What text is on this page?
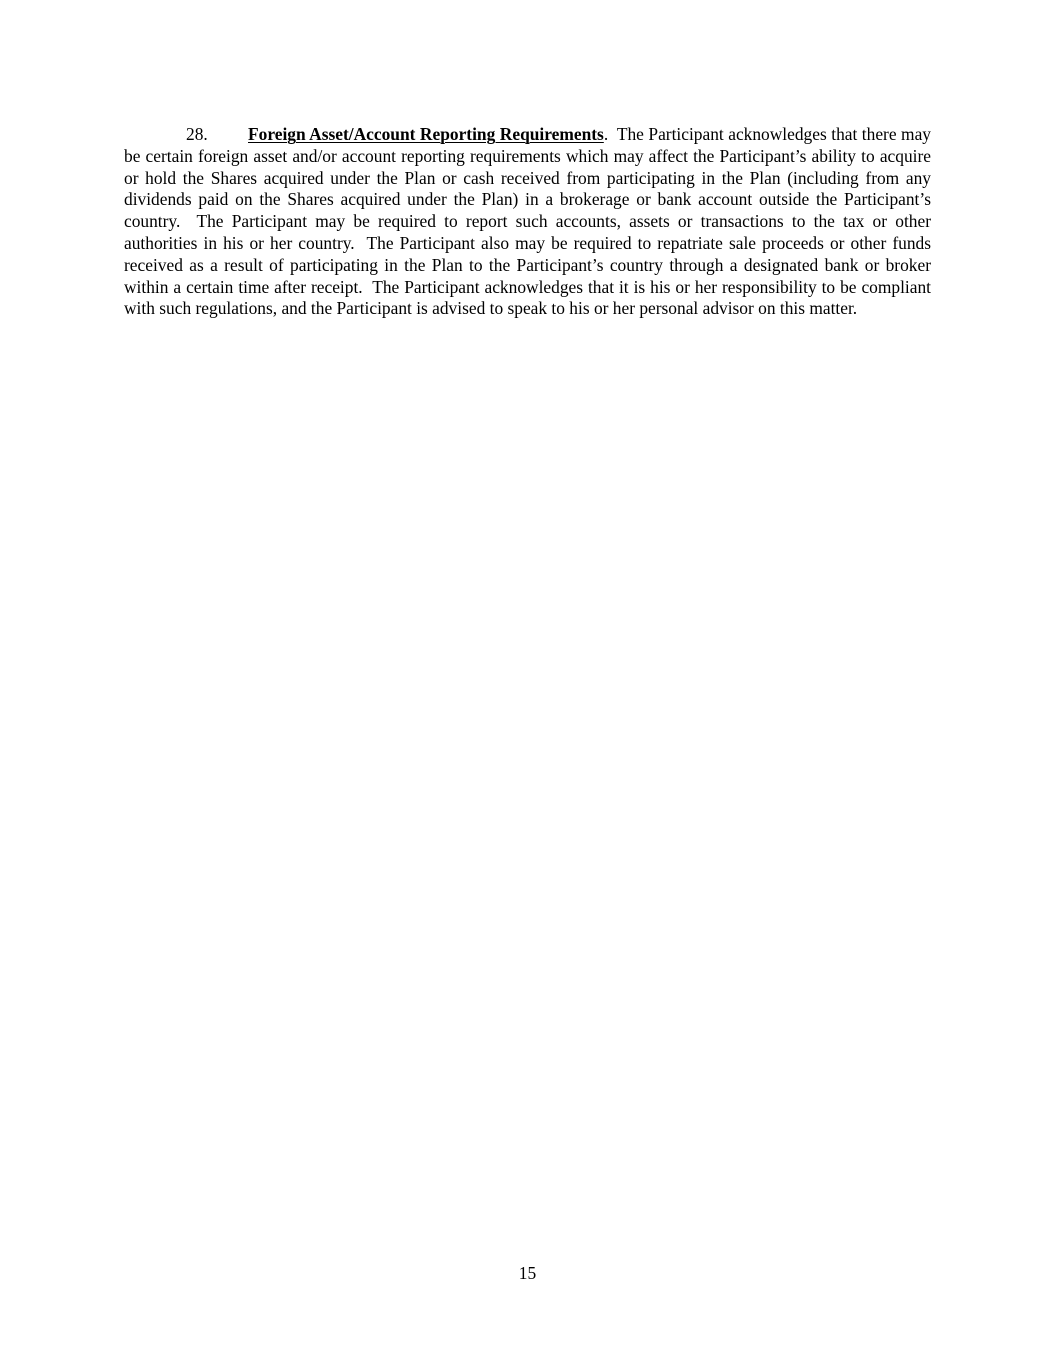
28. Foreign Asset/Account Reporting Requirements. The Participant acknowledges that there may be certain foreign asset and/or account reporting requirements which may affect the Participant’s ability to acquire or hold the Shares acquired under the Plan or cash received from participating in the Plan (including from any dividends paid on the Shares acquired under the Plan) in a brokerage or bank account outside the Participant’s country.  The Participant may be required to report such accounts, assets or transactions to the tax or other authorities in his or her country.  The Participant also may be required to repatriate sale proceeds or other funds received as a result of participating in the Plan to the Participant’s country through a designated bank or broker within a certain time after receipt.  The Participant acknowledges that it is his or her responsibility to be compliant with such regulations, and the Participant is advised to speak to his or her personal advisor on this matter.

15
